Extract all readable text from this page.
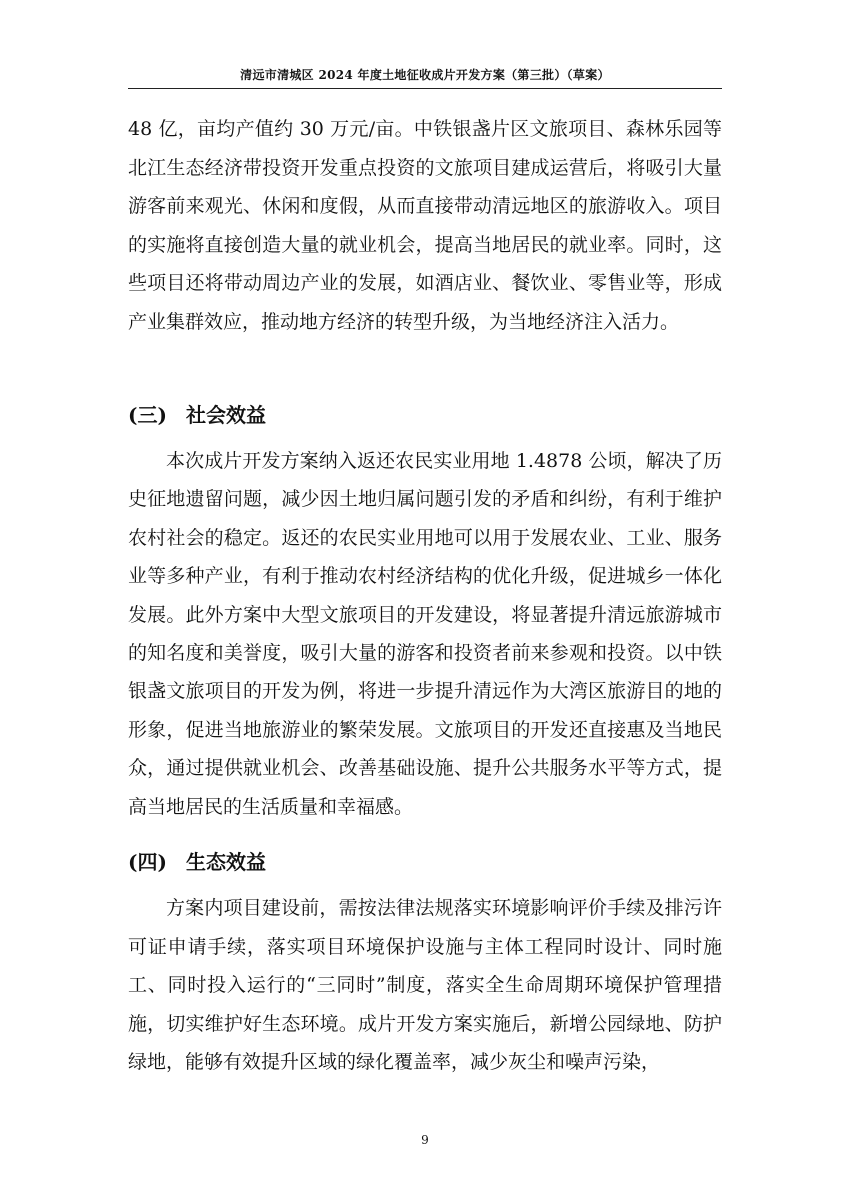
清远市清城区 2024 年度土地征收成片开发方案（第三批）（草案）

48 亿，亩均产值约 30 万元/亩。中铁银盏片区文旅项目、森林乐园等北江生态经济带投资开发重点投资的文旅项目建成运营后，将吸引大量游客前来观光、休闲和度假，从而直接带动清远地区的旅游收入。项目的实施将直接创造大量的就业机会，提高当地居民的就业率。同时，这些项目还将带动周边产业的发展，如酒店业、餐饮业、零售业等，形成产业集群效应，推动地方经济的转型升级，为当地经济注入活力。

(三) 社会效益

本次成片开发方案纳入返还农民实业用地 1.4878 公顷，解决了历史征地遗留问题，减少因土地归属问题引发的矛盾和纠纷，有利于维护农村社会的稳定。返还的农民实业用地可以用于发展农业、工业、服务业等多种产业，有利于推动农村经济结构的优化升级，促进城乡一体化发展。此外方案中大型文旅项目的开发建设，将显著提升清远旅游城市的知名度和美誉度，吸引大量的游客和投资者前来参观和投资。以中铁银盏文旅项目的开发为例，将进一步提升清远作为大湾区旅游目的地的形象，促进当地旅游业的繁荣发展。文旅项目的开发还直接惠及当地民众，通过提供就业机会、改善基础设施、提升公共服务水平等方式，提高当地居民的生活质量和幸福感。

(四) 生态效益

方案内项目建设前，需按法律法规落实环境影响评价手续及排污许可证申请手续，落实项目环境保护设施与主体工程同时设计、同时施工、同时投入运行的“三同时”制度，落实全生命周期环境保护管理措施，切实维护好生态环境。成片开发方案实施后，新增公园绿地、防护绿地，能够有效提升区域的绿化覆盖率，减少灰尘和噪声污染，

9
